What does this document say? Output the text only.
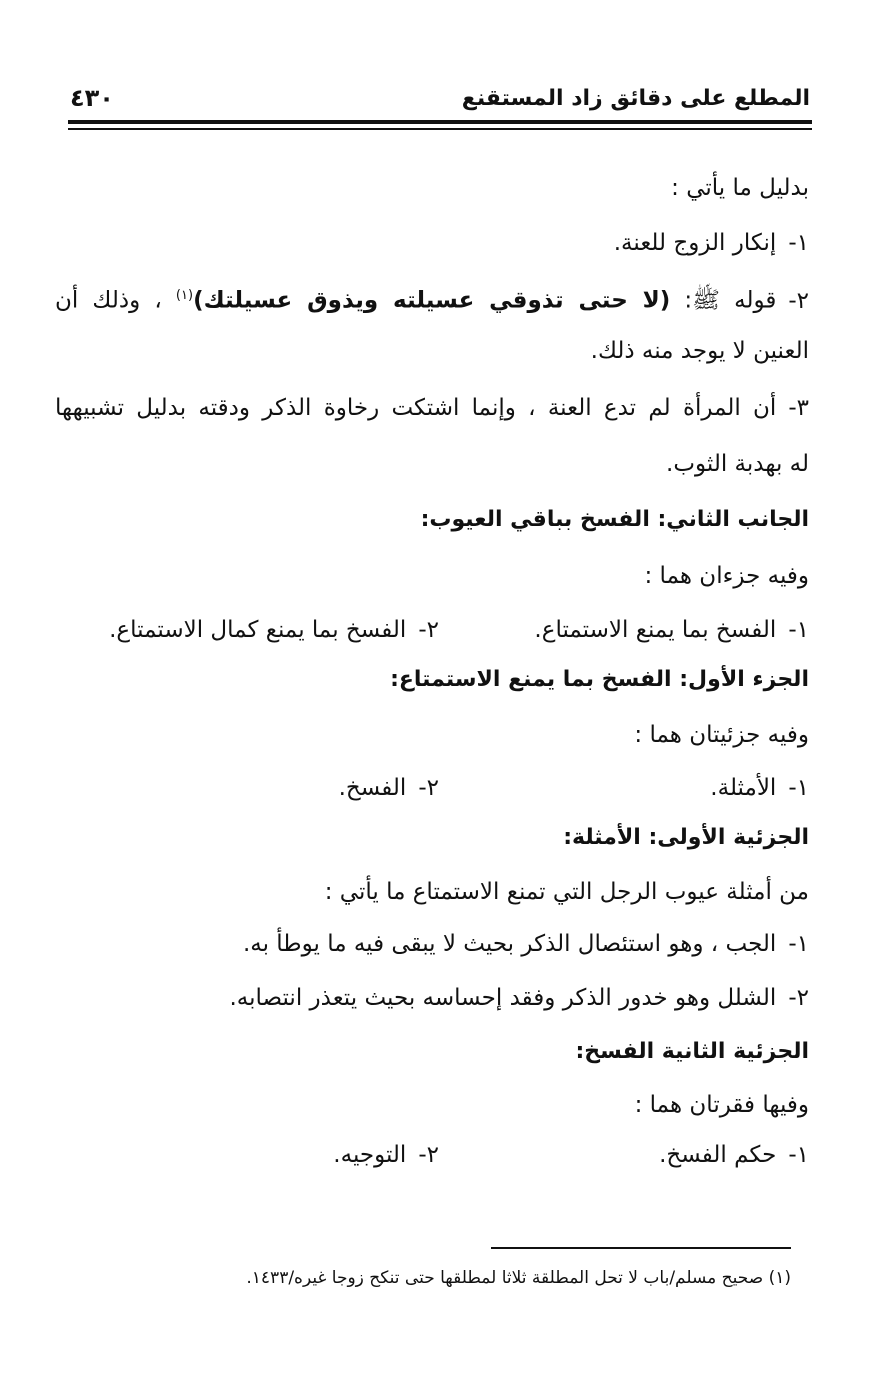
المطلع على دقائق زاد المستقنع
٤٣٠
بدليل ما يأتي :
١-إنكار الزوج للعنة.
٢-قوله ﷺ: (لا حتى تذوقي عسيلته ويذوق عسيلتك)$^{(١)}$ ، وذلك أن
العنين لا يوجد منه ذلك.
٣-أن المرأة لم تدع العنة ، وإنما اشتكت رخاوة الذكر ودقته بدليل تشبيهها
له بهدبة الثوب.
الجانب الثاني: الفسخ بباقي العيوب:
وفيه جزءان هما :
١-الفسخ بما يمنع الاستمتاع.
٢-الفسخ بما يمنع كمال الاستمتاع.
الجزء الأول: الفسخ بما يمنع الاستمتاع:
وفيه جزئيتان هما :
١-الأمثلة.
٢-الفسخ.
الجزئية الأولى: الأمثلة:
من أمثلة عيوب الرجل التي تمنع الاستمتاع ما يأتي :
١-الجب ، وهو استئصال الذكر بحيث لا يبقى فيه ما يوطأ به.
٢-الشلل وهو خدور الذكر وفقد إحساسه بحيث يتعذر انتصابه.
الجزئية الثانية الفسخ:
وفيها فقرتان هما :
١-حكم الفسخ.
٢-التوجيه.
(١) صحيح مسلم/باب لا تحل المطلقة ثلاثا لمطلقها حتى تنكح زوجا غيره/١٤٣٣.
